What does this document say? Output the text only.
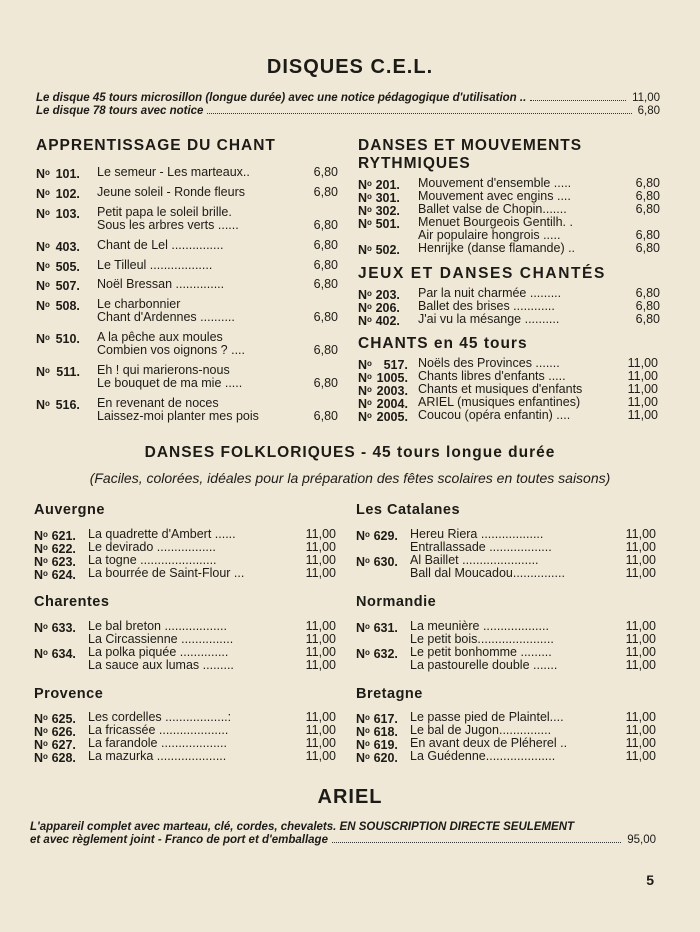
DISQUES C.E.L.
Le disque 45 tours microsillon (longue durée) avec une notice pédagogique d'utilisation ..	11,00
Le disque 78 tours avec notice	6,80
APPRENTISSAGE DU CHANT
$N^o101$. Le semeur - Les marteaux..	6,80
$N^o102$. Jeune soleil - Ronde fleurs	6,80
$N^o103$. Petit papa le soleil brille.
Sous les arbres verts ......	6,80
$N^o403$. Chant de Lel ...............	6,80
$N^o505$. Le Tilleul ..................	6,80
$N^o507$. Noël Bressan ..............	6,80
$N^o508$. Le charbonnier
Chant d'Ardennes ..........	6,80
$N^o510$. A la pêche aux moules
Combien vos oignons ? ....	6,80
$N^o511$. Eh ! qui marierons-nous
Le bouquet de ma mie .....	6,80
$N^o516$. En revenant de noces
Laissez-moi planter mes pois	6,80
DANSES ET MOUVEMENTS
RYTHMIQUES
$N^o201$. Mouvement d'ensemble .....	6,80
$N^o301$. Mouvement avec engins ....	6,80
$N^o302$. Ballet valse de Chopin.......	6,80
$N^o501$. Menuet Bourgeois Gentilh. .
Air populaire hongrois .....	6,80
$N^o502$. Henrijke (danse flamande) ..	6,80
JEUX ET DANSES CHANTÉS
$N^o203$. Par la nuit charmée .........	6,80
$N^o206$. Ballet des brises ............	6,80
$N^o402$. J'ai vu la mésange ..........	6,80
CHANTS en 45 tours
$N^o517$. Noëls des Provinces .......	11,00
$N^o1005$. Chants libres d'enfants .....	11,00
$N^o2003$. Chants et musiques d'enfants	11,00
$N^o2004$. ARIEL (musiques enfantines)	11,00
$N^o2005$. Coucou (opéra enfantin) ....	11,00
DANSES FOLKLORIQUES - 45 tours longue durée
(Faciles, colorées, idéales pour la préparation des fêtes scolaires en toutes saisons)
Auvergne
$N^o621$. La quadrette d'Ambert ......	11,00
$N^o622$. Le devirado .................	11,00
$N^o623$. La togne ......................	11,00
$N^o624$. La bourrée de Saint-Flour ...	11,00
Les Catalanes
$N^o629$. Hereu Riera ..................	11,00
Entrallassade ..................	11,00
$N^o630$. Al Baillet ......................	11,00
Ball dal Moucadou...............	11,00
Charentes
$N^o633$. Le bal breton ..................	11,00
La Circassienne ...............	11,00
$N^o634$. La polka piquée ..............	11,00
La sauce aux lumas .........	11,00
Normandie
$N^o631$. La meunière ...................	11,00
Le petit bois......................	11,00
$N^o632$. Le petit bonhomme .........	11,00
La pastourelle double .......	11,00
Provence
$N^o625$. Les cordelles ..................:	11,00
$N^o626$. La fricassée ....................	11,00
$N^o627$. La farandole ...................	11,00
$N^o628$. La mazurka ....................	11,00
Bretagne
$N^o617$. Le passe pied de Plaintel....	11,00
$N^o618$. Le bal de Jugon...............	11,00
$N^o619$. En avant deux de Pléherel ..	11,00
$N^o620$. La Guédenne....................	11,00
ARIEL
L'appareil complet avec marteau, clé, cordes, chevalets. EN SOUSCRIPTION DIRECTE SEULEMENT
et avec règlement joint - Franco de port et d'emballage	95,00
5
